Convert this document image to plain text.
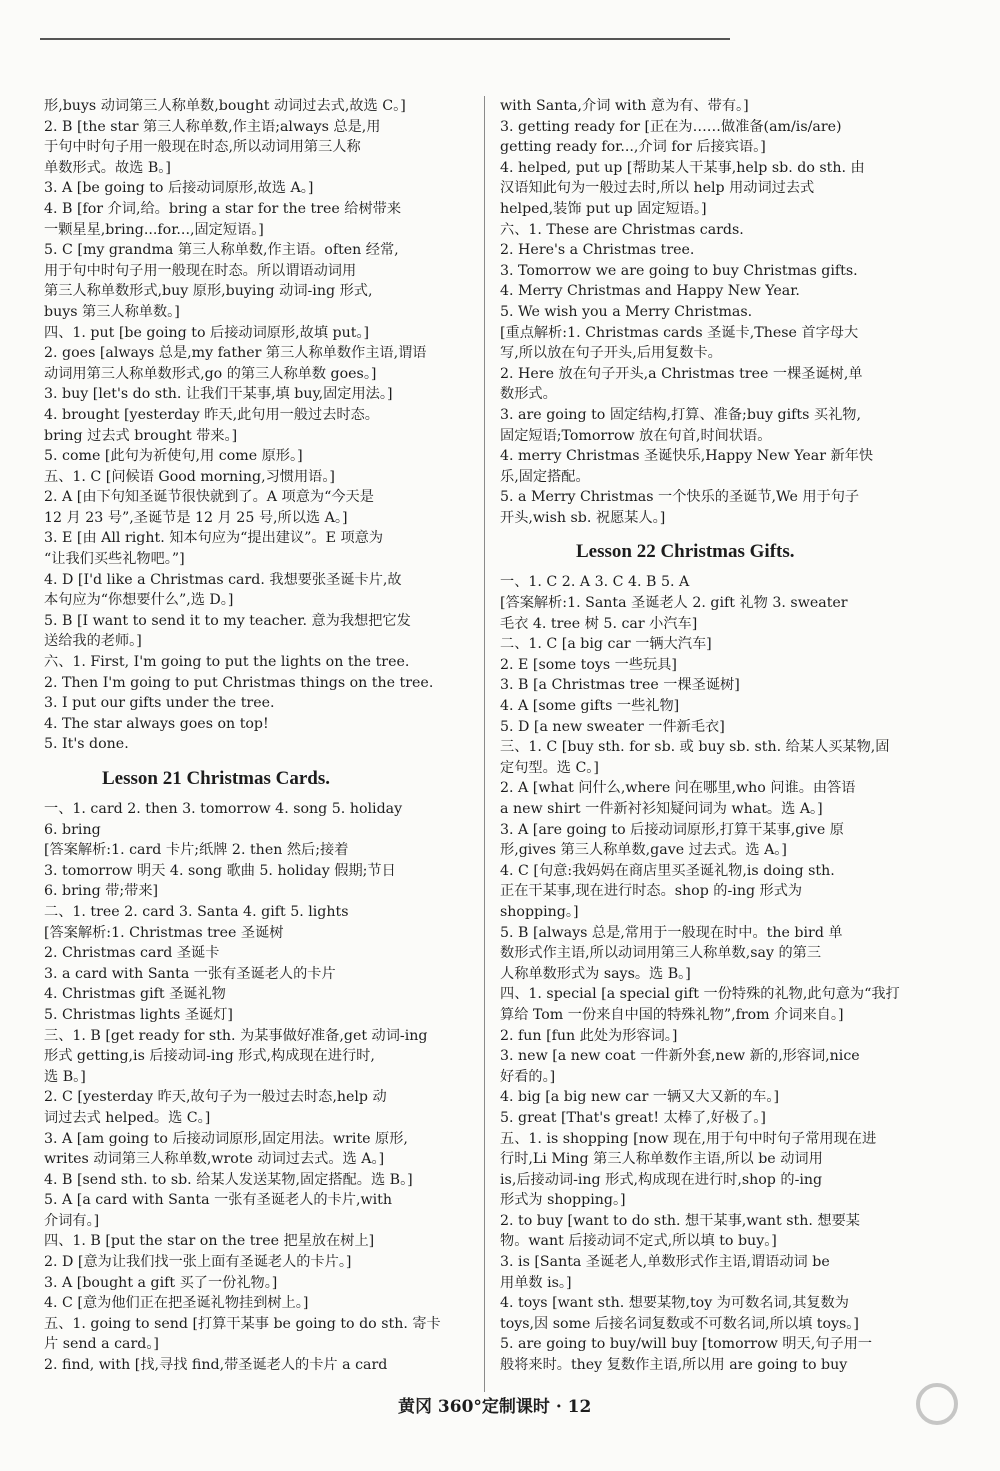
形,buys 动词第三人称单数,bought 动词过去式,故选 C。]
2. B [the star 第三人称单数,作主语;always 总是,用
于句中时句子用一般现在时态,所以动词用第三人称
单数形式。故选 B。]
3. A [be going to 后接动词原形,故选 A。]
4. B [for 介词,给。bring a star for the tree 给树带来
一颗星星,bring...for...,固定短语。]
5. C [my grandma 第三人称单数,作主语。often 经常,
用于句中时句子用一般现在时态。所以谓语动词用
第三人称单数形式,buy 原形,buying 动词-ing 形式,
buys 第三人称单数。]
四、1. put [be going to 后接动词原形,故填 put。]
2. goes [always 总是,my father 第三人称单数作主语,谓语
动词用第三人称单数形式,go 的第三人称单数 goes。]
3. buy [let's do sth. 让我们干某事,填 buy,固定用法。]
4. brought [yesterday 昨天,此句用一般过去时态。
bring 过去式 brought 带来。]
5. come [此句为祈使句,用 come 原形。]
五、1. C [问候语 Good morning,习惯用语。]
2. A [由下句知圣诞节很快就到了。A 项意为“今天是
12 月 23 号”,圣诞节是 12 月 25 号,所以选 A。]
3. E [由 All right. 知本句应为“提出建议”。E 项意为
“让我们买些礼物吧。”]
4. D [I'd like a Christmas card. 我想要张圣诞卡片,故
本句应为“你想要什么”,选 D。]
5. B [I want to send it to my teacher. 意为我想把它发
送给我的老师。]
六、1. First, I'm going to put the lights on the tree.
2. Then I'm going to put Christmas things on the tree.
3. I put our gifts under the tree.
4. The star always goes on top!
5. It's done.
Lesson 21 Christmas Cards.
一、1. card 2. then 3. tomorrow 4. song 5. holiday
6. bring
[答案解析:1. card 卡片;纸牌 2. then 然后;接着
3. tomorrow 明天 4. song 歌曲 5. holiday 假期;节日
6. bring 带;带来]
二、1. tree 2. card 3. Santa 4. gift 5. lights
[答案解析:1. Christmas tree 圣诞树
2. Christmas card 圣诞卡
3. a card with Santa 一张有圣诞老人的卡片
4. Christmas gift 圣诞礼物
5. Christmas lights 圣诞灯]
三、1. B [get ready for sth. 为某事做好准备,get 动词-ing
形式 getting,is 后接动词-ing 形式,构成现在进行时,
选 B。]
2. C [yesterday 昨天,故句子为一般过去时态,help 动
词过去式 helped。选 C。]
3. A [am going to 后接动词原形,固定用法。write 原形,
writes 动词第三人称单数,wrote 动词过去式。选 A。]
4. B [send sth. to sb. 给某人发送某物,固定搭配。选 B。]
5. A [a card with Santa 一张有圣诞老人的卡片,with
介词有。]
四、1. B [put the star on the tree 把星放在树上]
2. D [意为让我们找一张上面有圣诞老人的卡片。]
3. A [bought a gift 买了一份礼物。]
4. C [意为他们正在把圣诞礼物挂到树上。]
五、1. going to send [打算干某事 be going to do sth. 寄卡
片 send a card。]
2. find, with [找,寻找 find,带圣诞老人的卡片 a card
with Santa,介词 with 意为有、带有。]
3. getting ready for [正在为……做准备(am/is/are)
getting ready for...,介词 for 后接宾语。]
4. helped, put up [帮助某人干某事,help sb. do sth. 由
汉语知此句为一般过去时,所以 help 用动词过去式
helped,装饰 put up 固定短语。]
六、1. These are Christmas cards.
2. Here's a Christmas tree.
3. Tomorrow we are going to buy Christmas gifts.
4. Merry Christmas and Happy New Year.
5. We wish you a Merry Christmas.
[重点解析:1. Christmas cards 圣诞卡,These 首字母大
写,所以放在句子开头,后用复数卡。
2. Here 放在句子开头,a Christmas tree 一棵圣诞树,单
数形式。
3. are going to 固定结构,打算、准备;buy gifts 买礼物,
固定短语;Tomorrow 放在句首,时间状语。
4. merry Christmas 圣诞快乐,Happy New Year 新年快
乐,固定搭配。
5. a Merry Christmas 一个快乐的圣诞节,We 用于句子
开头,wish sb. 祝愿某人。]
Lesson 22 Christmas Gifts.
一、1. C 2. A 3. C 4. B 5. A
[答案解析:1. Santa 圣诞老人 2. gift 礼物 3. sweater
毛衣 4. tree 树 5. car 小汽车]
二、1. C [a big car 一辆大汽车]
2. E [some toys 一些玩具]
3. B [a Christmas tree 一棵圣诞树]
4. A [some gifts 一些礼物]
5. D [a new sweater 一件新毛衣]
三、1. C [buy sth. for sb. 或 buy sb. sth. 给某人买某物,固
定句型。选 C。]
2. A [what 问什么,where 问在哪里,who 问谁。由答语
a new shirt 一件新衬衫知疑问词为 what。选 A。]
3. A [are going to 后接动词原形,打算干某事,give 原
形,gives 第三人称单数,gave 过去式。选 A。]
4. C [句意:我妈妈在商店里买圣诞礼物,is doing sth.
正在干某事,现在进行时态。shop 的-ing 形式为
shopping。]
5. B [always 总是,常用于一般现在时中。the bird 单
数形式作主语,所以动词用第三人称单数,say 的第三
人称单数形式为 says。选 B。]
四、1. special [a special gift 一份特殊的礼物,此句意为“我打
算给 Tom 一份来自中国的特殊礼物”,from 介词来自。]
2. fun [fun 此处为形容词。]
3. new [a new coat 一件新外套,new 新的,形容词,nice
好看的。]
4. big [a big new car 一辆又大又新的车。]
5. great [That's great! 太棒了,好极了。]
五、1. is shopping [now 现在,用于句中时句子常用现在进
行时,Li Ming 第三人称单数作主语,所以 be 动词用
is,后接动词-ing 形式,构成现在进行时,shop 的-ing
形式为 shopping。]
2. to buy [want to do sth. 想干某事,want sth. 想要某
物。want 后接动词不定式,所以填 to buy。]
3. is [Santa 圣诞老人,单数形式作主语,谓语动词 be
用单数 is。]
4. toys [want sth. 想要某物,toy 为可数名词,其复数为
toys,因 some 后接名词复数或不可数名词,所以填 toys。]
5. are going to buy/will buy [tomorrow 明天,句子用一
般将来时。they 复数作主语,所以用 are going to buy
黄冈 360°定制课时 · 12
